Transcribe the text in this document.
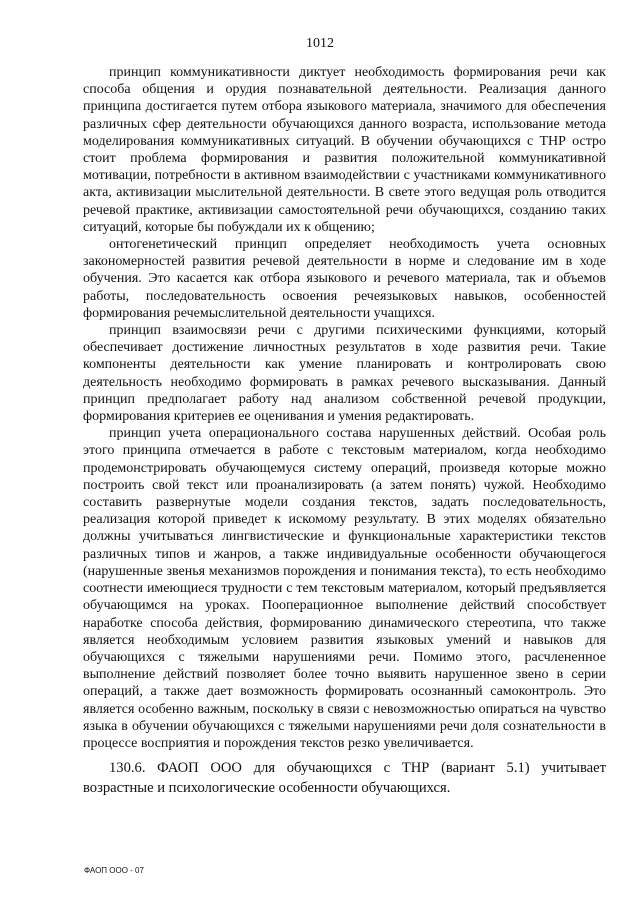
1012

принцип коммуникативности диктует необходимость формирования речи как способа общения и орудия познавательной деятельности. Реализация данного принципа достигается путем отбора языкового материала, значимого для обеспечения различных сфер деятельности обучающихся данного возраста, использование метода моделирования коммуникативных ситуаций. В обучении обучающихся с ТНР остро стоит проблема формирования и развития положительной коммуникативной мотивации, потребности в активном взаимодействии с участниками коммуникативного акта, активизации мыслительной деятельности. В свете этого ведущая роль отводится речевой практике, активизации самостоятельной речи обучающихся, созданию таких ситуаций, которые бы побуждали их к общению;

онтогенетический принцип определяет необходимость учета основных закономерностей развития речевой деятельности в норме и следование им в ходе обучения. Это касается как отбора языкового и речевого материала, так и объемов работы, последовательность освоения речеязыковых навыков, особенностей формирования речемыслительной деятельности учащихся.

принцип взаимосвязи речи с другими психическими функциями, который обеспечивает достижение личностных результатов в ходе развития речи. Такие компоненты деятельности как умение планировать и контролировать свою деятельность необходимо формировать в рамках речевого высказывания. Данный принцип предполагает работу над анализом собственной речевой продукции, формирования критериев ее оценивания и умения редактировать.

принцип учета операционального состава нарушенных действий. Особая роль этого принципа отмечается в работе с текстовым материалом, когда необходимо продемонстрировать обучающемуся систему операций, произведя которые можно построить свой текст или проанализировать (а затем понять) чужой. Необходимо составить развернутые модели создания текстов, задать последовательность, реализация которой приведет к искомому результату. В этих моделях обязательно должны учитываться лингвистические и функциональные характеристики текстов различных типов и жанров, а также индивидуальные особенности обучающегося (нарушенные звенья механизмов порождения и понимания текста), то есть необходимо соотнести имеющиеся трудности с тем текстовым материалом, который предъявляется обучающимся на уроках. Пооперационное выполнение действий способствует наработке способа действия, формированию динамического стереотипа, что также является необходимым условием развития языковых умений и навыков для обучающихся с тяжелыми нарушениями речи. Помимо этого, расчлененное выполнение действий позволяет более точно выявить нарушенное звено в серии операций, а также дает возможность формировать осознанный самоконтроль. Это является особенно важным, поскольку в связи с невозможностью опираться на чувство языка в обучении обучающихся с тяжелыми нарушениями речи доля сознательности в процессе восприятия и порождения текстов резко увеличивается.

130.6. ФАОП ООО для обучающихся с ТНР (вариант 5.1) учитывает возрастные и психологические особенности обучающихся.

ФАОП ООО - 07
